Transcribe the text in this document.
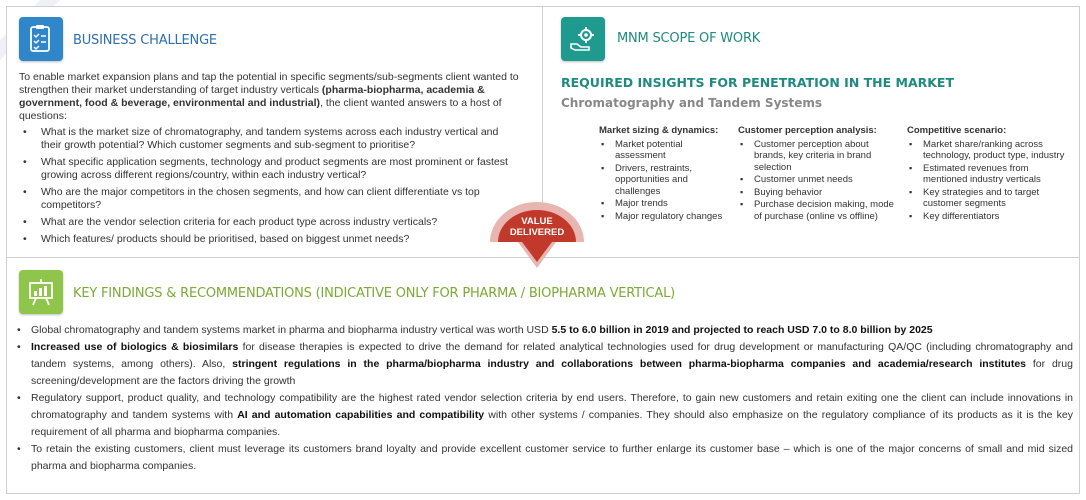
BUSINESS CHALLENGE
To enable market expansion plans and tap the potential in specific segments/sub-segments client wanted to strengthen their market understanding of target industry verticals (pharma-biopharma, academia & government, food & beverage, environmental and industrial), the client wanted answers to a host of questions:
• What is the market size of chromatography, and tandem systems across each industry vertical and their growth potential? Which customer segments and sub-segment to prioritise?
• What specific application segments, technology and product segments are most prominent or fastest growing across different regions/country, within each industry vertical?
• Who are the major competitors in the chosen segments, and how can client differentiate vs top competitors?
• What are the vendor selection criteria for each product type across industry verticals?
• Which features/ products should be prioritised, based on biggest unmet needs?
MNM SCOPE OF WORK
REQUIRED INSIGHTS FOR PENETRATION IN THE MARKET
Chromatography and Tandem Systems
Market sizing & dynamics:
▪ Market potential assessment
▪ Drivers, restraints, opportunities and challenges
▪ Major trends
▪ Major regulatory changes
Customer perception analysis:
▪ Customer perception about brands, key criteria in brand selection
▪ Customer unmet needs
▪ Buying behavior
▪ Purchase decision making, mode of purchase (online vs offline)
Competitive scenario:
▪ Market share/ranking across technology, product type, industry
▪ Estimated revenues from mentioned industry verticals
▪ Key strategies and to target customer segments
▪ Key differentiators
KEY FINDINGS & RECOMMENDATIONS (INDICATIVE ONLY FOR PHARMA / BIOPHARMA VERTICAL)
• Global chromatography and tandem systems market in pharma and biopharma industry vertical was worth USD 5.5 to 6.0 billion in 2019 and projected to reach USD 7.0 to 8.0 billion by 2025
• Increased use of biologics & biosimilars for disease therapies is expected to drive the demand for related analytical technologies used for drug development or manufacturing QA/QC (including chromatography and tandem systems, among others). Also, stringent regulations in the pharma/biopharma industry and collaborations between pharma-biopharma companies and academia/research institutes for drug screening/development are the factors driving the growth
• Regulatory support, product quality, and technology compatibility are the highest rated vendor selection criteria by end users. Therefore, to gain new customers and retain exiting one the client can include innovations in chromatography and tandem systems with AI and automation capabilities and compatibility with other systems / companies. They should also emphasize on the regulatory compliance of its products as it is the key requirement of all pharma and biopharma companies.
• To retain the existing customers, client must leverage its customers brand loyalty and provide excellent customer service to further enlarge its customer base – which is one of the major concerns of small and mid sized pharma and biopharma companies.
VALUE
DELIVERED
